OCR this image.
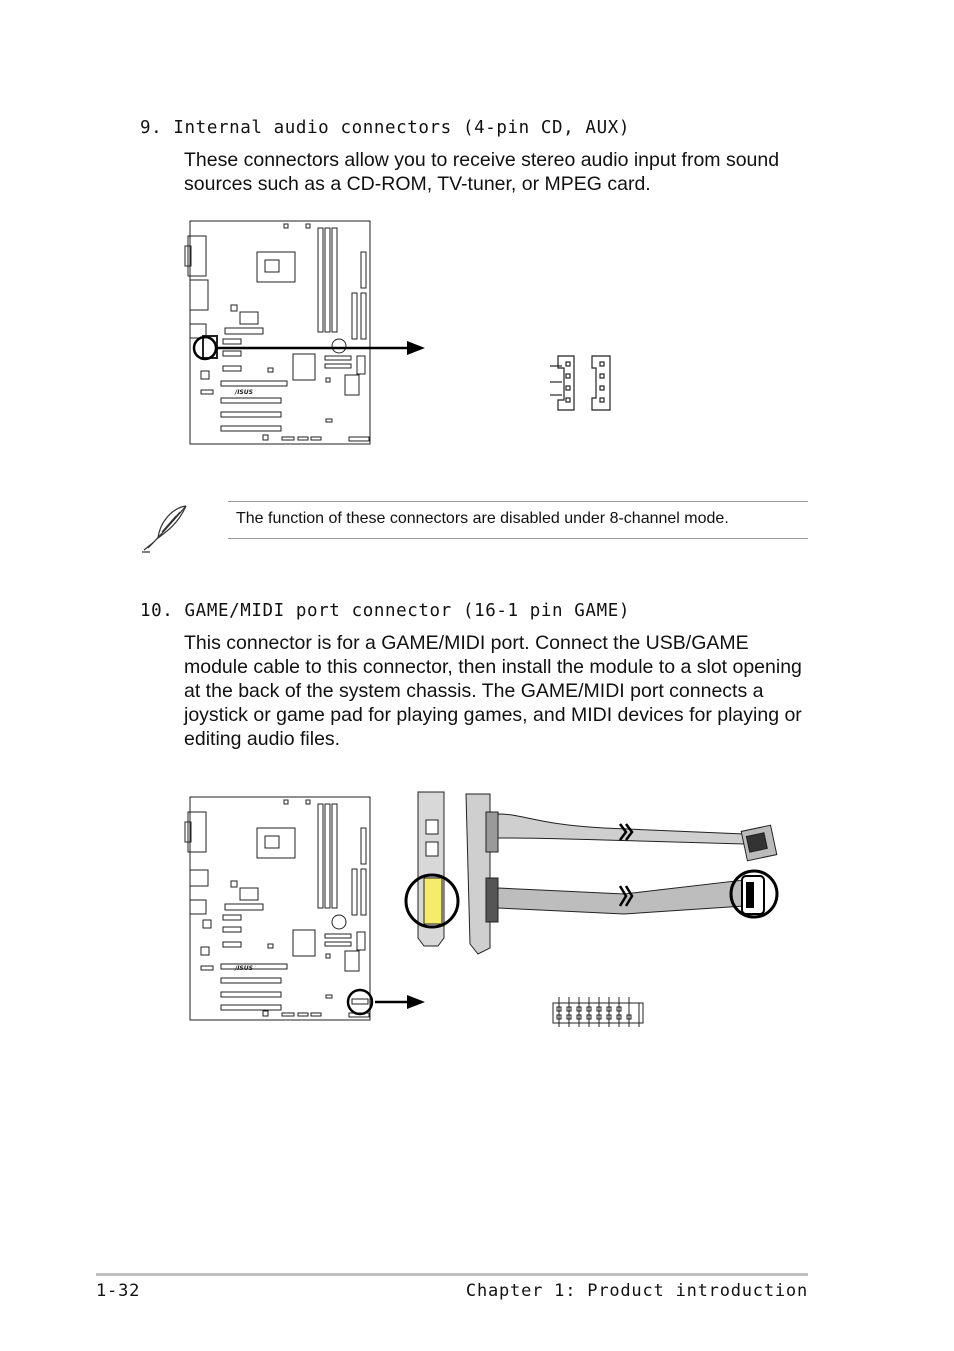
9. Internal audio connectors (4-pin CD, AUX)
These connectors allow you to receive stereo audio input from sound sources such as a CD-ROM, TV-tuner, or MPEG card.
/ISUS
The function of these connectors are disabled under 8-channel mode.
10. GAME/MIDI port connector (16-1 pin GAME)
This connector is for a GAME/MIDI port. Connect the USB/GAME module cable to this connector, then install the module to a slot opening at the back of the system chassis. The GAME/MIDI port connects a joystick or game pad for playing games, and MIDI devices for playing or editing audio files.
/ISUS
1-32	Chapter 1: Product introduction
